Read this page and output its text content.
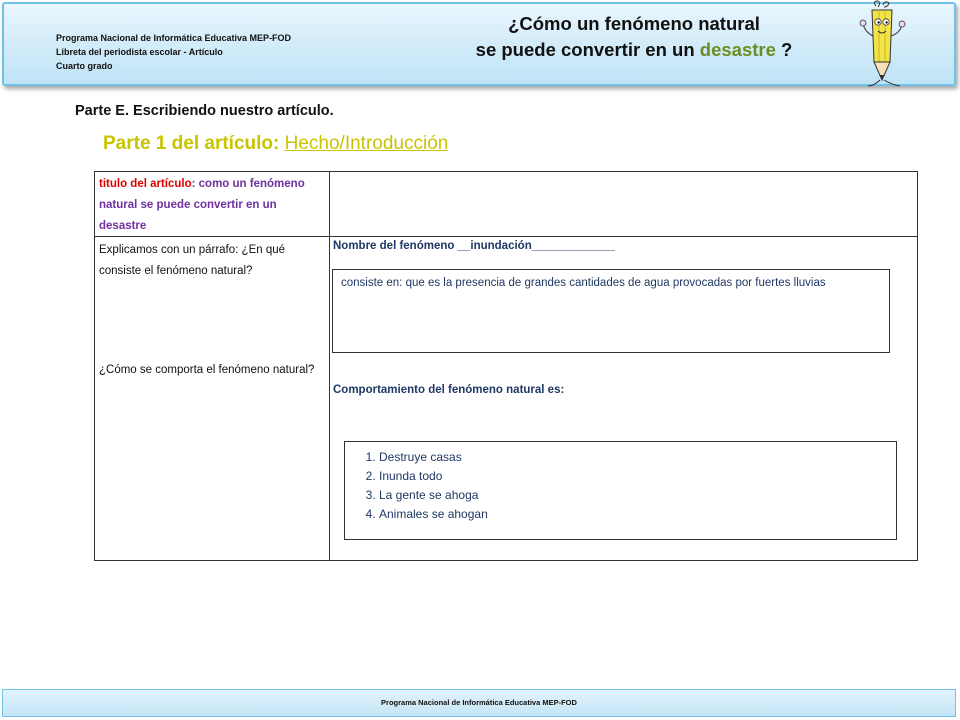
Programa Nacional de Informática Educativa MEP-FOD
Libreta del periodista escolar - Artículo
Cuarto grado
¿Cómo un fenómeno natural
se puede convertir en un desastre ?
Parte E. Escribiendo nuestro artículo.
Parte 1 del artículo: Hecho/Introducción
titulo del artículo: como un fenómeno natural se puede convertir en un desastre
Explicamos con un párrafo: ¿En qué consiste el fenómeno natural?
¿Cómo se comporta el fenómeno natural?
Nombre del fenómeno __inundación_____________
consiste en: que es la presencia de grandes cantidades de agua provocadas por fuertes lluvias
Comportamiento del fenómeno natural es:
1. Destruye casas
2. Inunda todo
3. La gente se ahoga
4. Animales se ahogan
Programa Nacional de Informática Educativa MEP-FOD
